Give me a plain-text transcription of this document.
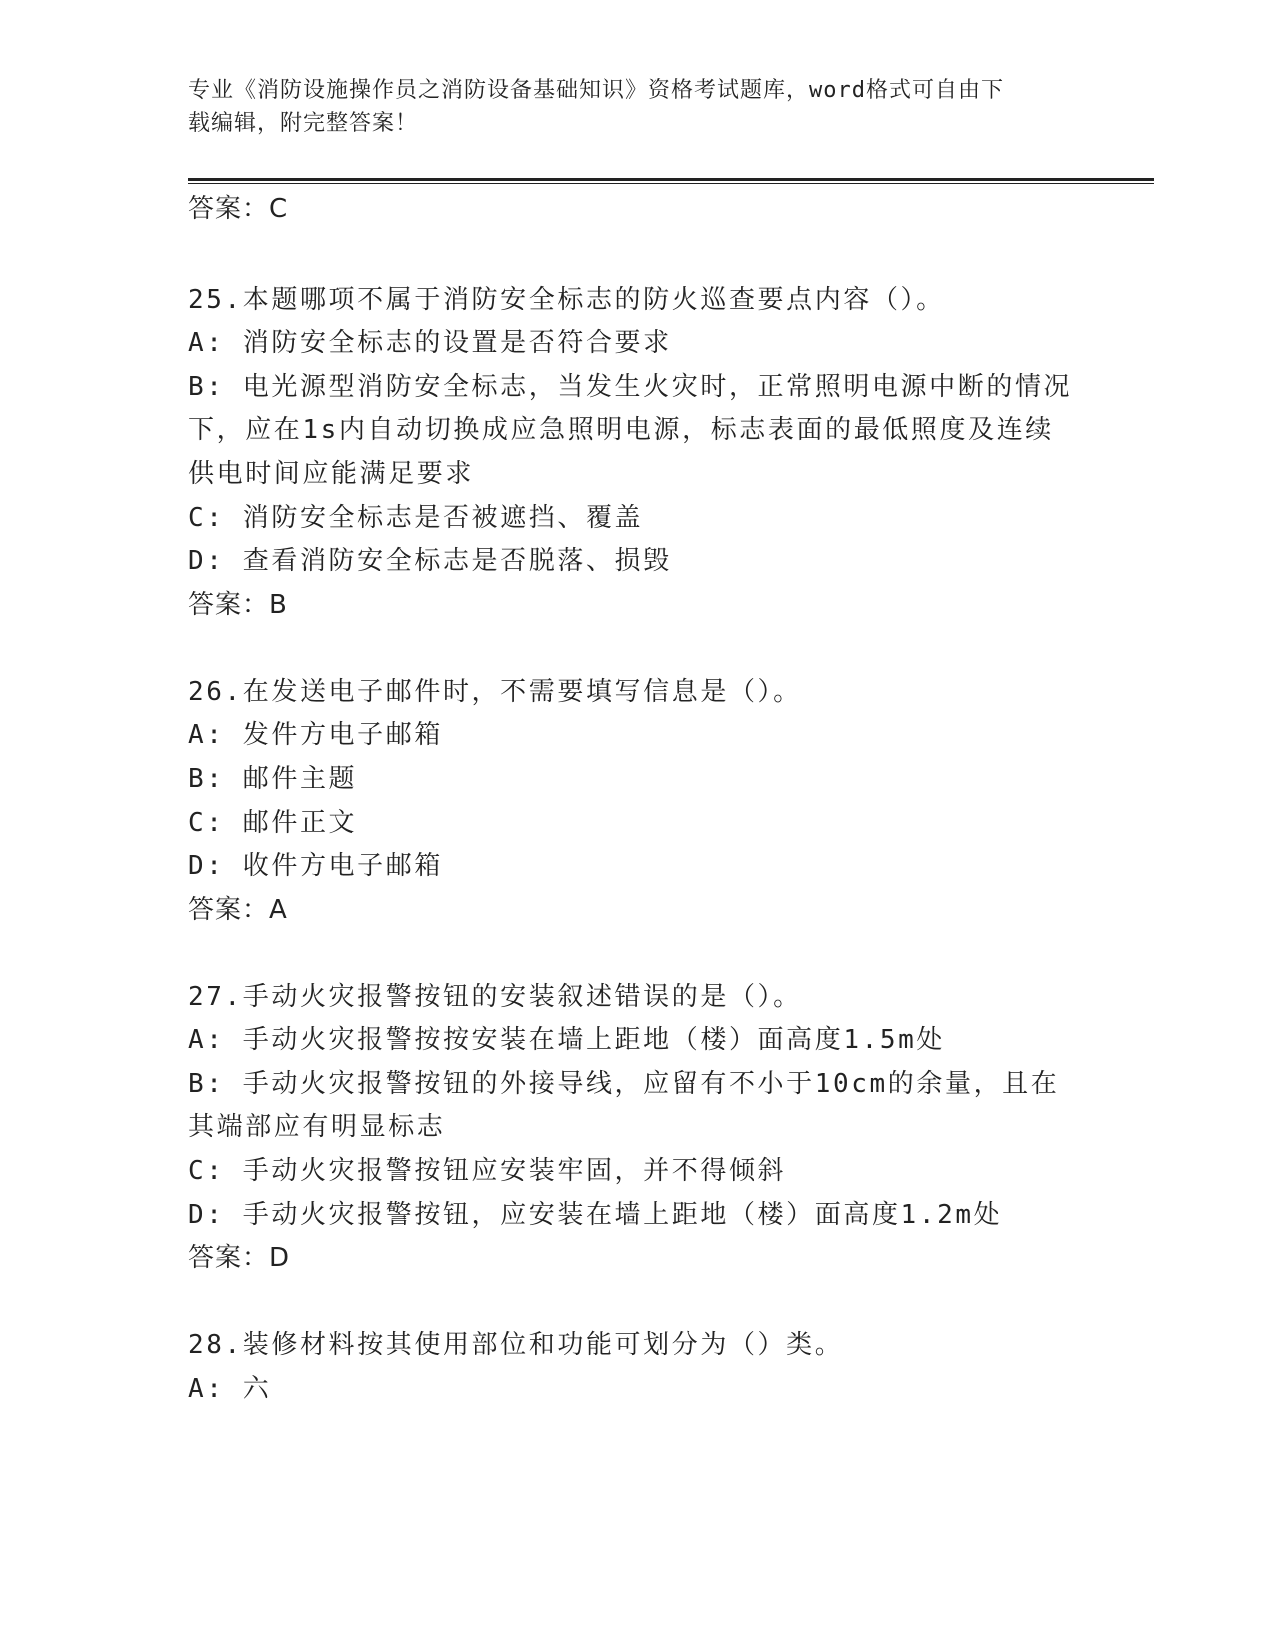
专业《消防设施操作员之消防设备基础知识》资格考试题库，word格式可自由下
载编辑，附完整答案！
答案：C
25.本题哪项不属于消防安全标志的防火巡查要点内容（）。
A: 消防安全标志的设置是否符合要求
B: 电光源型消防安全标志，当发生火灾时，正常照明电源中断的情况
下，应在1s内自动切换成应急照明电源，标志表面的最低照度及连续
供电时间应能满足要求
C: 消防安全标志是否被遮挡、覆盖
D: 查看消防安全标志是否脱落、损毁
答案：B
26.在发送电子邮件时，不需要填写信息是（）。
A: 发件方电子邮箱
B: 邮件主题
C: 邮件正文
D: 收件方电子邮箱
答案：A
27.手动火灾报警按钮的安装叙述错误的是（）。
A: 手动火灾报警按按安装在墙上距地（楼）面高度1.5m处
B: 手动火灾报警按钮的外接导线，应留有不小于10cm的余量，且在
其端部应有明显标志
C: 手动火灾报警按钮应安装牢固，并不得倾斜
D: 手动火灾报警按钮，应安装在墙上距地（楼）面高度1.2m处
答案：D
28.装修材料按其使用部位和功能可划分为（）类。
A: 六
